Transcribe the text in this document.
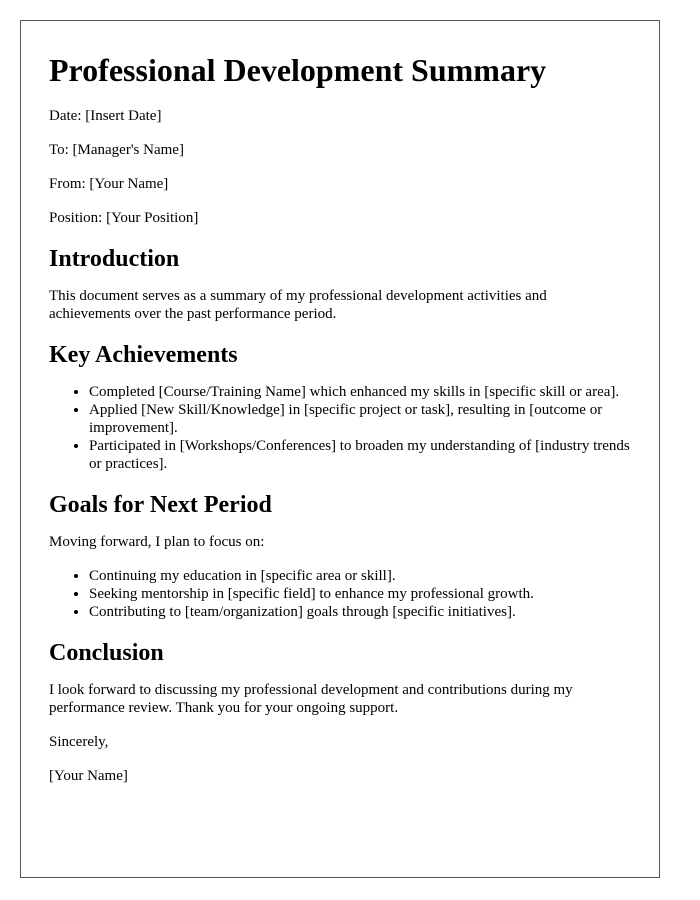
Professional Development Summary

Date: [Insert Date]

To: [Manager's Name]

From: [Your Name]

Position: [Your Position]

Introduction

This document serves as a summary of my professional development activities and achievements over the past performance period.

Key Achievements
• Completed [Course/Training Name] which enhanced my skills in [specific skill or area].
• Applied [New Skill/Knowledge] in [specific project or task], resulting in [outcome or improvement].
• Participated in [Workshops/Conferences] to broaden my understanding of [industry trends or practices].
Goals for Next Period

Moving forward, I plan to focus on:

• Continuing my education in [specific area or skill].
• Seeking mentorship in [specific field] to enhance my professional growth.
• Contributing to [team/organization] goals through [specific initiatives].
Conclusion

I look forward to discussing my professional development and contributions during my performance review. Thank you for your ongoing support.

Sincerely,

[Your Name]
